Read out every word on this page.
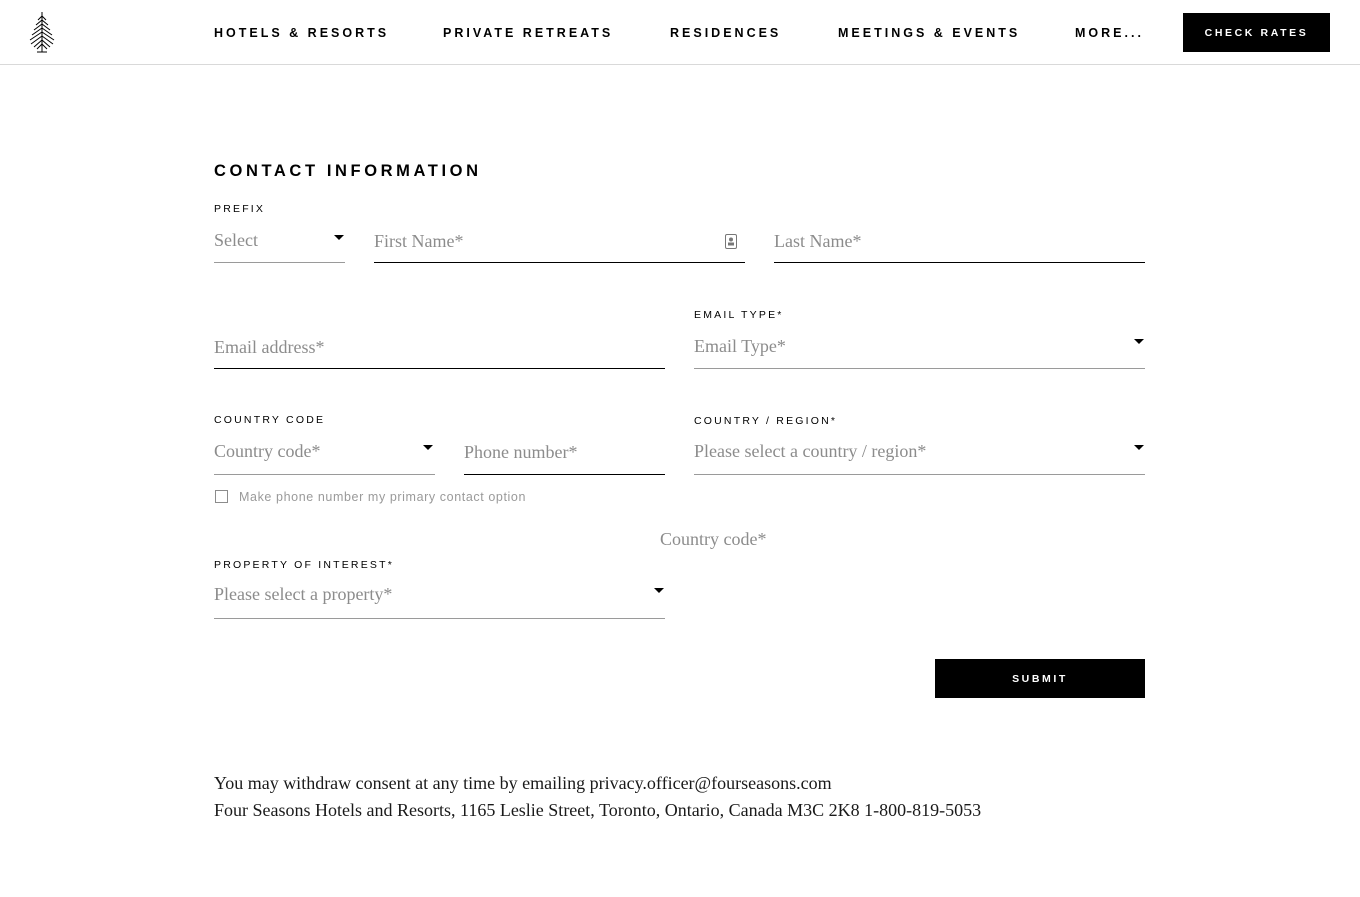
HOTELS & RESORTS	PRIVATE RETREATS	RESIDENCES	MEETINGS & EVENTS	MORE...	CHECK RATES
CONTACT INFORMATION
PREFIX
Select	First Name*	Last Name*
Email address*
EMAIL TYPE*
Email Type*
COUNTRY CODE
Country code*	Phone number*
COUNTRY / REGION*
Please select a country / region*
Make phone number my primary contact option
Country code*
PROPERTY OF INTEREST*
Please select a property*
SUBMIT
You may withdraw consent at any time by emailing privacy.officer@fourseasons.com
Four Seasons Hotels and Resorts, 1165 Leslie Street, Toronto, Ontario, Canada M3C 2K8 1-800-819-5053
